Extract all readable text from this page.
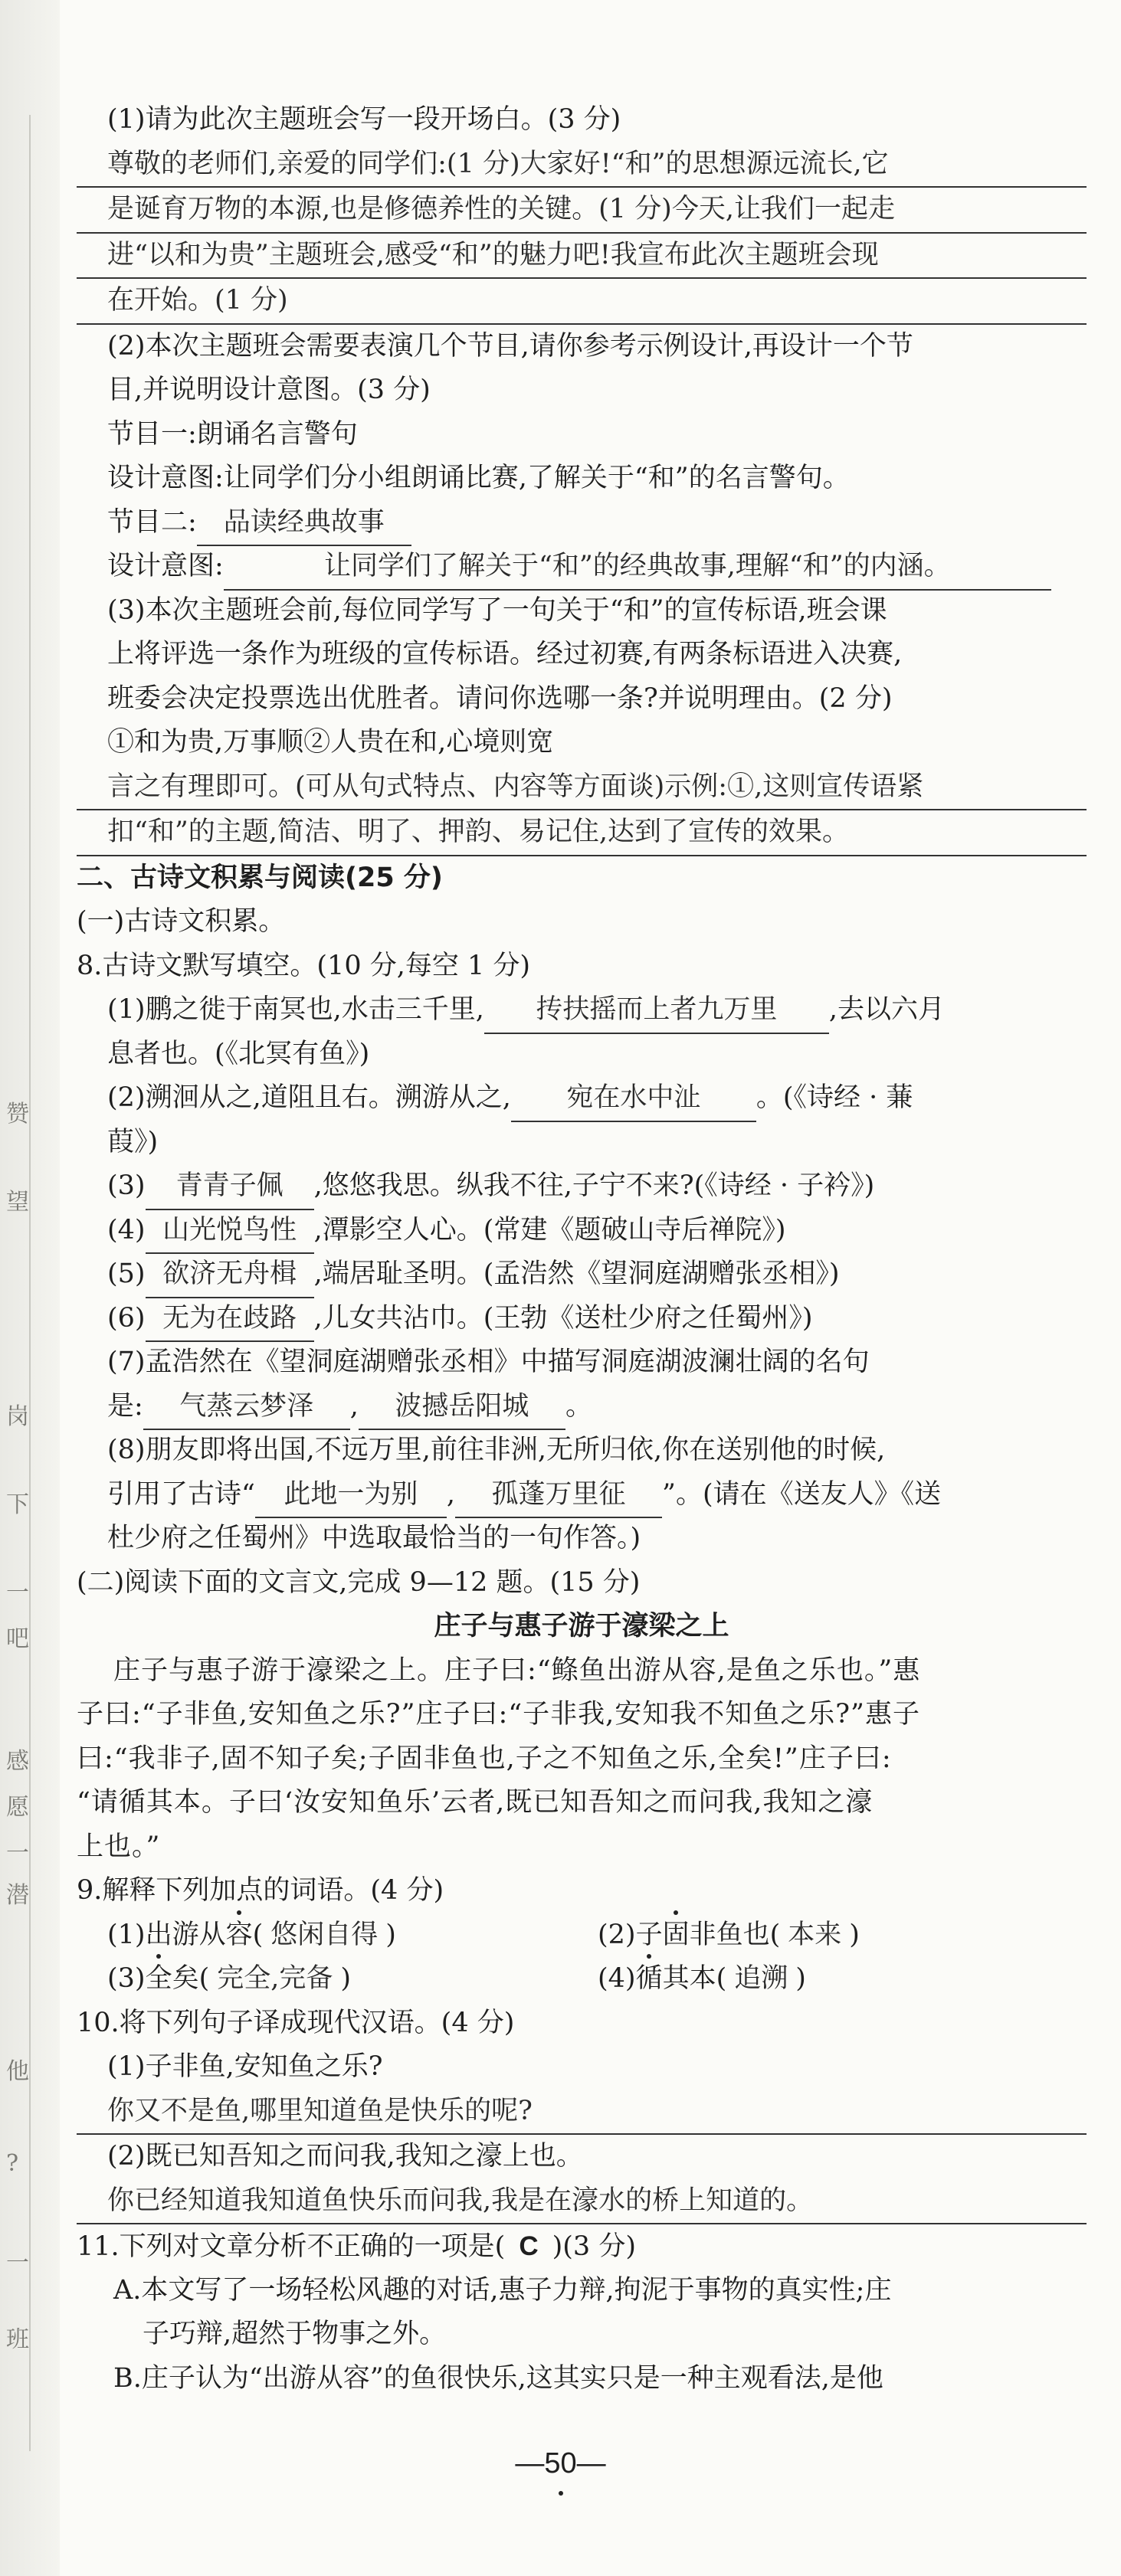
赞
望
岗
下
一
吧
感
愿
一
潜
他
?
一
班
(1)请为此次主题班会写一段开场白。(3 分)
尊敬的老师们,亲爱的同学们:(1 分)大家好!“和”的思想源远流长,它
是诞育万物的本源,也是修德养性的关键。(1 分)今天,让我们一起走
进“以和为贵”主题班会,感受“和”的魅力吧!我宣布此次主题班会现
在开始。(1 分)
(2)本次主题班会需要表演几个节目,请你参考示例设计,再设计一个节
目,并说明设计意图。(3 分)
节目一:朗诵名言警句
设计意图:让同学们分小组朗诵比赛,了解关于“和”的名言警句。
节目二: 品读经典故事
设计意图:	让同学们了解关于“和”的经典故事,理解“和”的内涵。
(3)本次主题班会前,每位同学写了一句关于“和”的宣传标语,班会课
上将评选一条作为班级的宣传标语。经过初赛,有两条标语进入决赛,
班委会决定投票选出优胜者。请问你选哪一条?并说明理由。(2 分)
①和为贵,万事顺②人贵在和,心境则宽
言之有理即可。(可从句式特点、内容等方面谈)示例:①,这则宣传语紧
扣“和”的主题,简洁、明了、押韵、易记住,达到了宣传的效果。
二、古诗文积累与阅读(25 分)
(一)古诗文积累。
8.古诗文默写填空。(10 分,每空 1 分)
(1)鹏之徙于南冥也,水击三千里, 抟扶摇而上者九万里 ,去以六月
息者也。(《北冥有鱼》)
(2)溯洄从之,道阻且右。溯游从之, 宛在水中沚 。(《诗经 · 蒹
葭》)
(3) 青青子佩 ,悠悠我思。纵我不往,子宁不来?(《诗经 · 子衿》)
(4) 山光悦鸟性 ,潭影空人心。(常建《题破山寺后禅院》)
(5) 欲济无舟楫 ,端居耻圣明。(孟浩然《望洞庭湖赠张丞相》)
(6) 无为在歧路 ,儿女共沾巾。(王勃《送杜少府之任蜀州》)
(7)孟浩然在《望洞庭湖赠张丞相》中描写洞庭湖波澜壮阔的名句
是: 气蒸云梦泽 , 波撼岳阳城 。
(8)朋友即将出国,不远万里,前往非洲,无所归依,你在送别他的时候,
引用了古诗“ 此地一为别 , 孤蓬万里征 ”。(请在《送友人》《送
杜少府之任蜀州》中选取最恰当的一句作答。)
(二)阅读下面的文言文,完成 9—12 题。(15 分)
庄子与惠子游于濠梁之上
庄子与惠子游于濠梁之上。庄子曰:“鲦鱼出游从容,是鱼之乐也。”惠
子曰:“子非鱼,安知鱼之乐?”庄子曰:“子非我,安知我不知鱼之乐?”惠子
曰:“我非子,固不知子矣;子固非鱼也,子之不知鱼之乐,全矣!”庄子曰:
“请循其本。子曰‘汝安知鱼乐’云者,既已知吾知之而问我,我知之濠
上也。”
9.解释下列加点的词语。(4 分)
(1)出游从容( 悠闲自得 )	(2)子固非鱼也( 本来 )
(3)全矣( 完全,完备 )	(4)循其本( 追溯 )
10.将下列句子译成现代汉语。(4 分)
(1)子非鱼,安知鱼之乐?
你又不是鱼,哪里知道鱼是快乐的呢?
(2)既已知吾知之而问我,我知之濠上也。
你已经知道我知道鱼快乐而问我,我是在濠水的桥上知道的。
11.下列对文章分析不正确的一项是( C )(3 分)
A.本文写了一场轻松风趣的对话,惠子力辩,拘泥于事物的真实性;庄
子巧辩,超然于物事之外。
B.庄子认为“出游从容”的鱼很快乐,这其实只是一种主观看法,是他
—50—
